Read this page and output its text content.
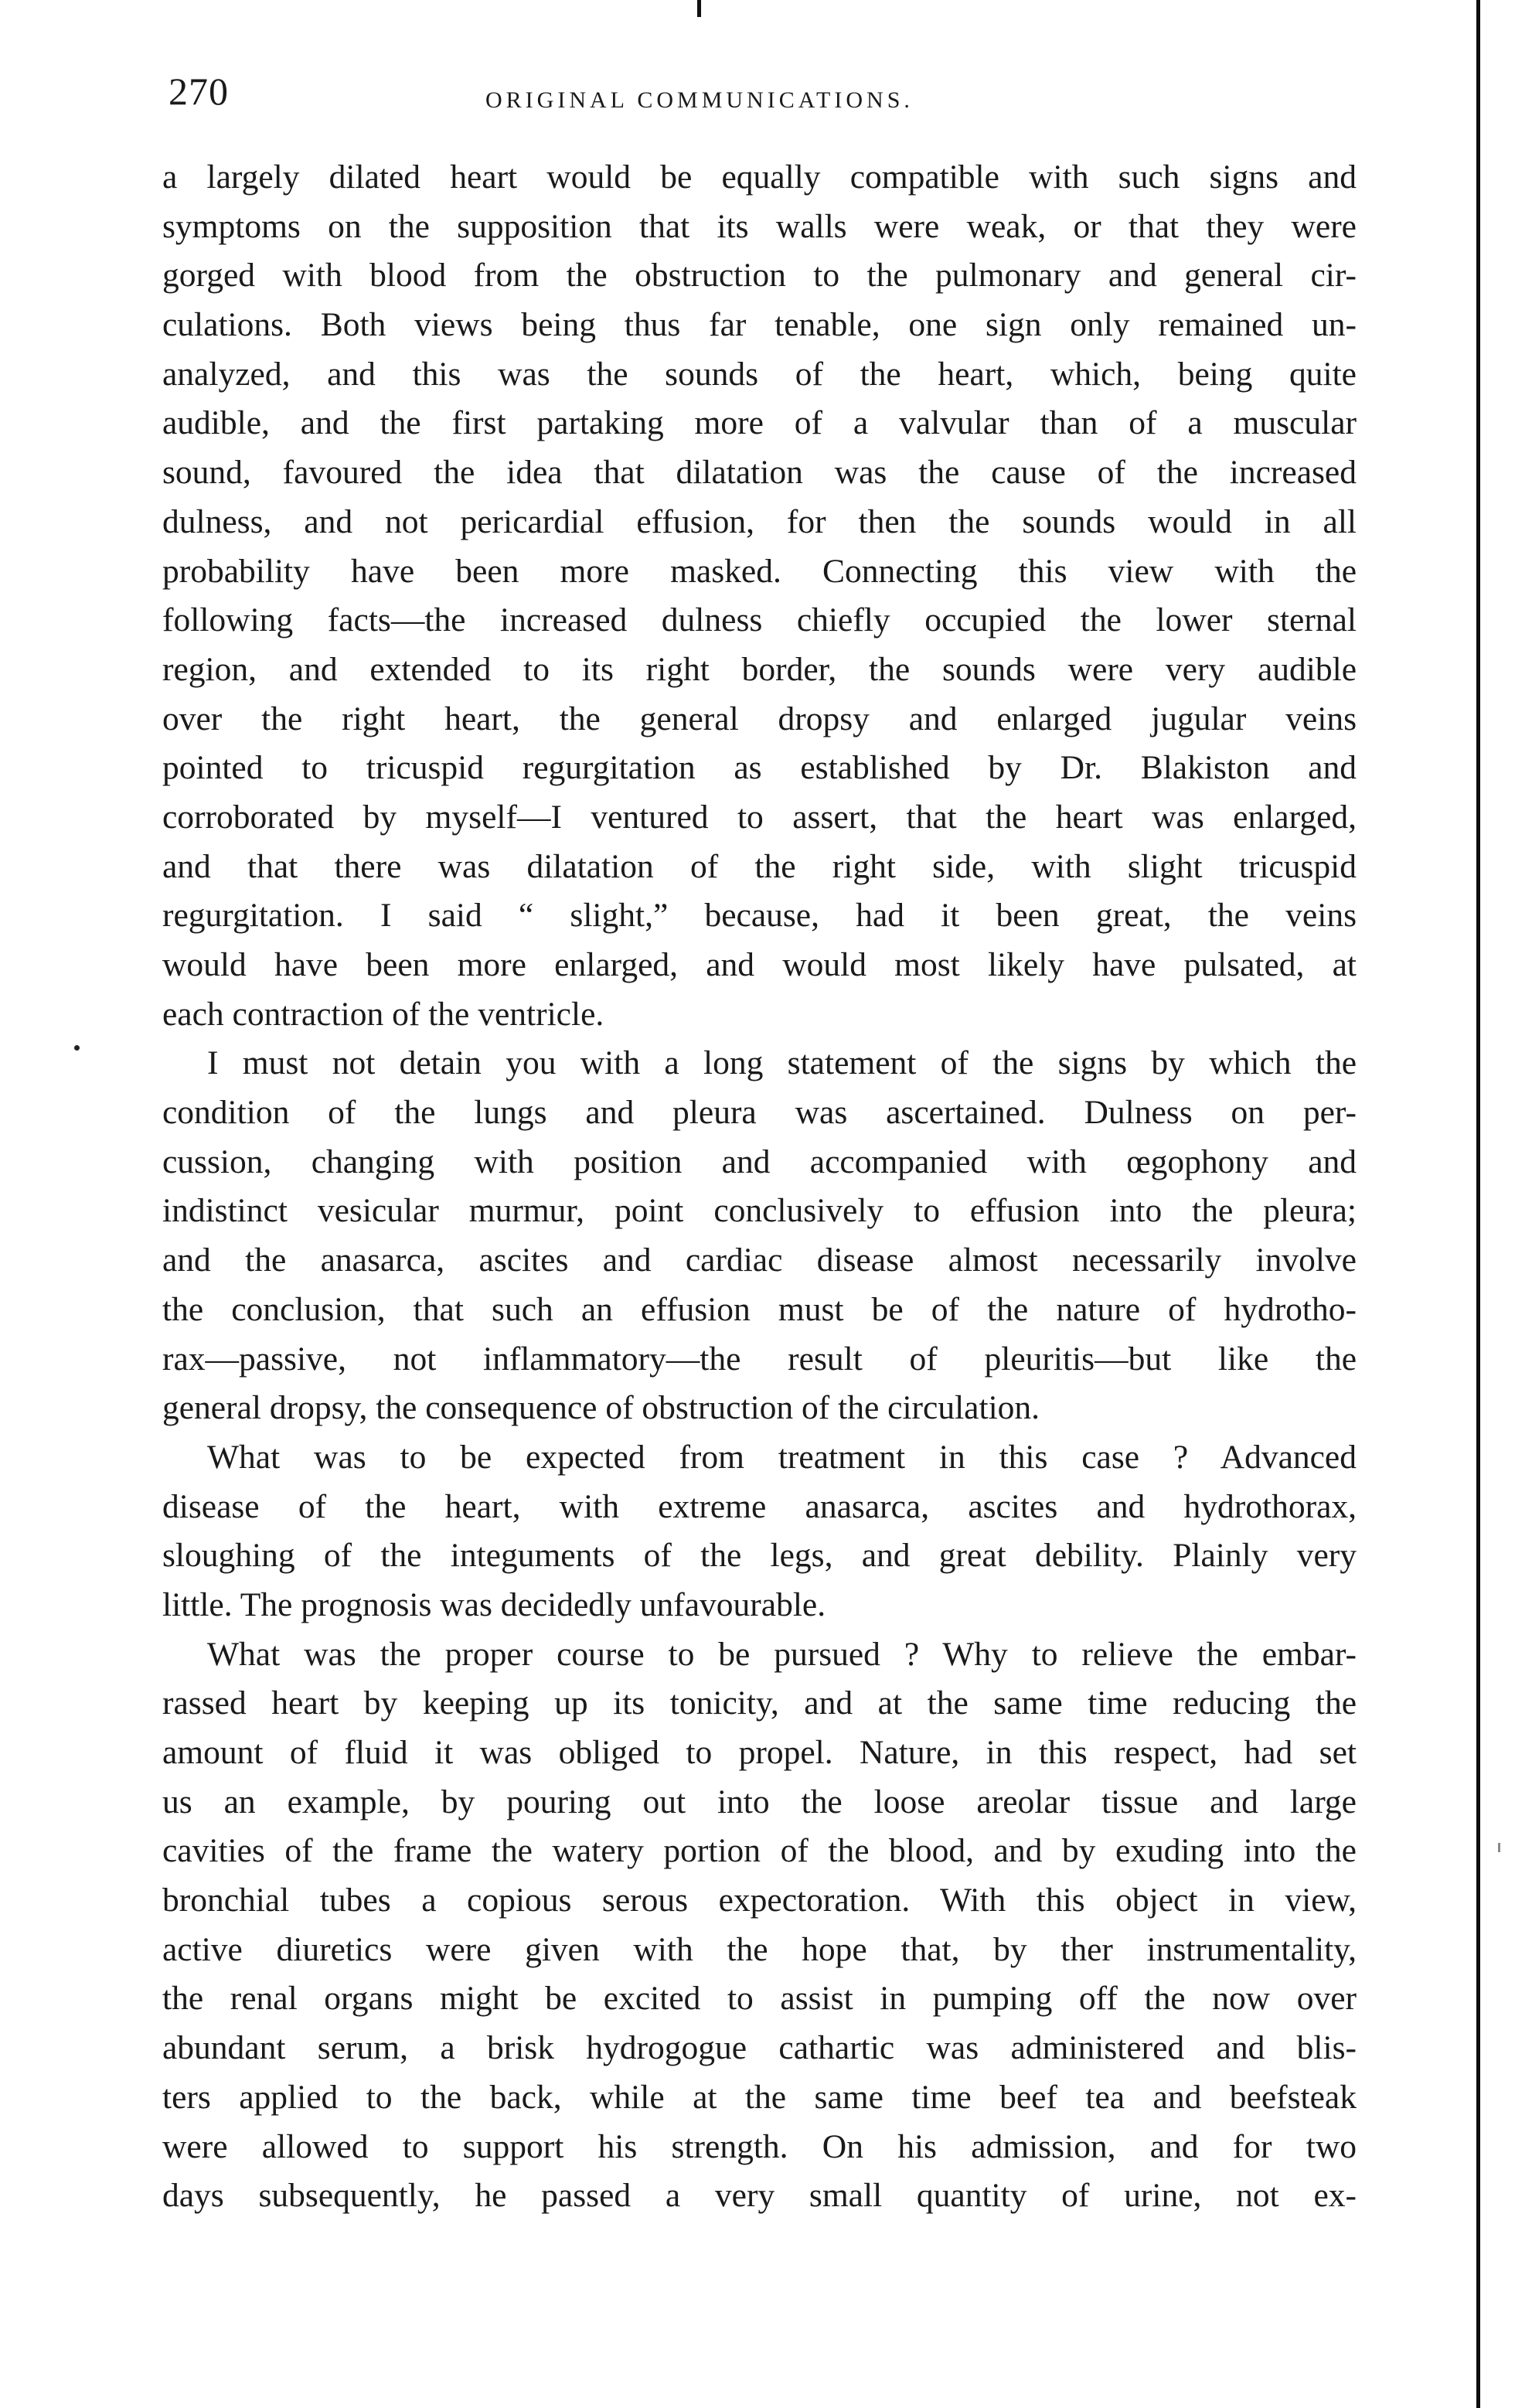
270	ORIGINAL COMMUNICATIONS.
a largely dilated heart would be equally compatible with such signs and
symptoms on the supposition that its walls were weak, or that they were
gorged with blood from the obstruction to the pulmonary and general cir-
culations. Both views being thus far tenable, one sign only remained un-
analyzed, and this was the sounds of the heart, which, being quite
audible, and the first partaking more of a valvular than of a muscular
sound, favoured the idea that dilatation was the cause of the increased
dulness, and not pericardial effusion, for then the sounds would in all
probability have been more masked. Connecting this view with the
following facts—the increased dulness chiefly occupied the lower sternal
region, and extended to its right border, the sounds were very audible
over the right heart, the general dropsy and enlarged jugular veins
pointed to tricuspid regurgitation as established by Dr. Blakiston and
corroborated by myself—I ventured to assert, that the heart was enlarged,
and that there was dilatation of the right side, with slight tricuspid
regurgitation. I said “ slight,” because, had it been great, the veins
would have been more enlarged, and would most likely have pulsated, at
each contraction of the ventricle.
I must not detain you with a long statement of the signs by which the
condition of the lungs and pleura was ascertained. Dulness on per-
cussion, changing with position and accompanied with œgophony and
indistinct vesicular murmur, point conclusively to effusion into the pleura;
and the anasarca, ascites and cardiac disease almost necessarily involve
the conclusion, that such an effusion must be of the nature of hydrotho-
rax—passive, not inflammatory—the result of pleuritis—but like the
general dropsy, the consequence of obstruction of the circulation.
What was to be expected from treatment in this case ? Advanced
disease of the heart, with extreme anasarca, ascites and hydrothorax,
sloughing of the integuments of the legs, and great debility. Plainly very
little. The prognosis was decidedly unfavourable.
What was the proper course to be pursued ? Why to relieve the embar-
rassed heart by keeping up its tonicity, and at the same time reducing the
amount of fluid it was obliged to propel. Nature, in this respect, had set
us an example, by pouring out into the loose areolar tissue and large
cavities of the frame the watery portion of the blood, and by exuding into the
bronchial tubes a copious serous expectoration. With this object in view,
active diuretics were given with the hope that, by ther instrumentality,
the renal organs might be excited to assist in pumping off the now over
abundant serum, a brisk hydrogogue cathartic was administered and blis-
ters applied to the back, while at the same time beef tea and beefsteak
were allowed to support his strength. On his admission, and for two
days subsequently, he passed a very small quantity of urine, not ex-
